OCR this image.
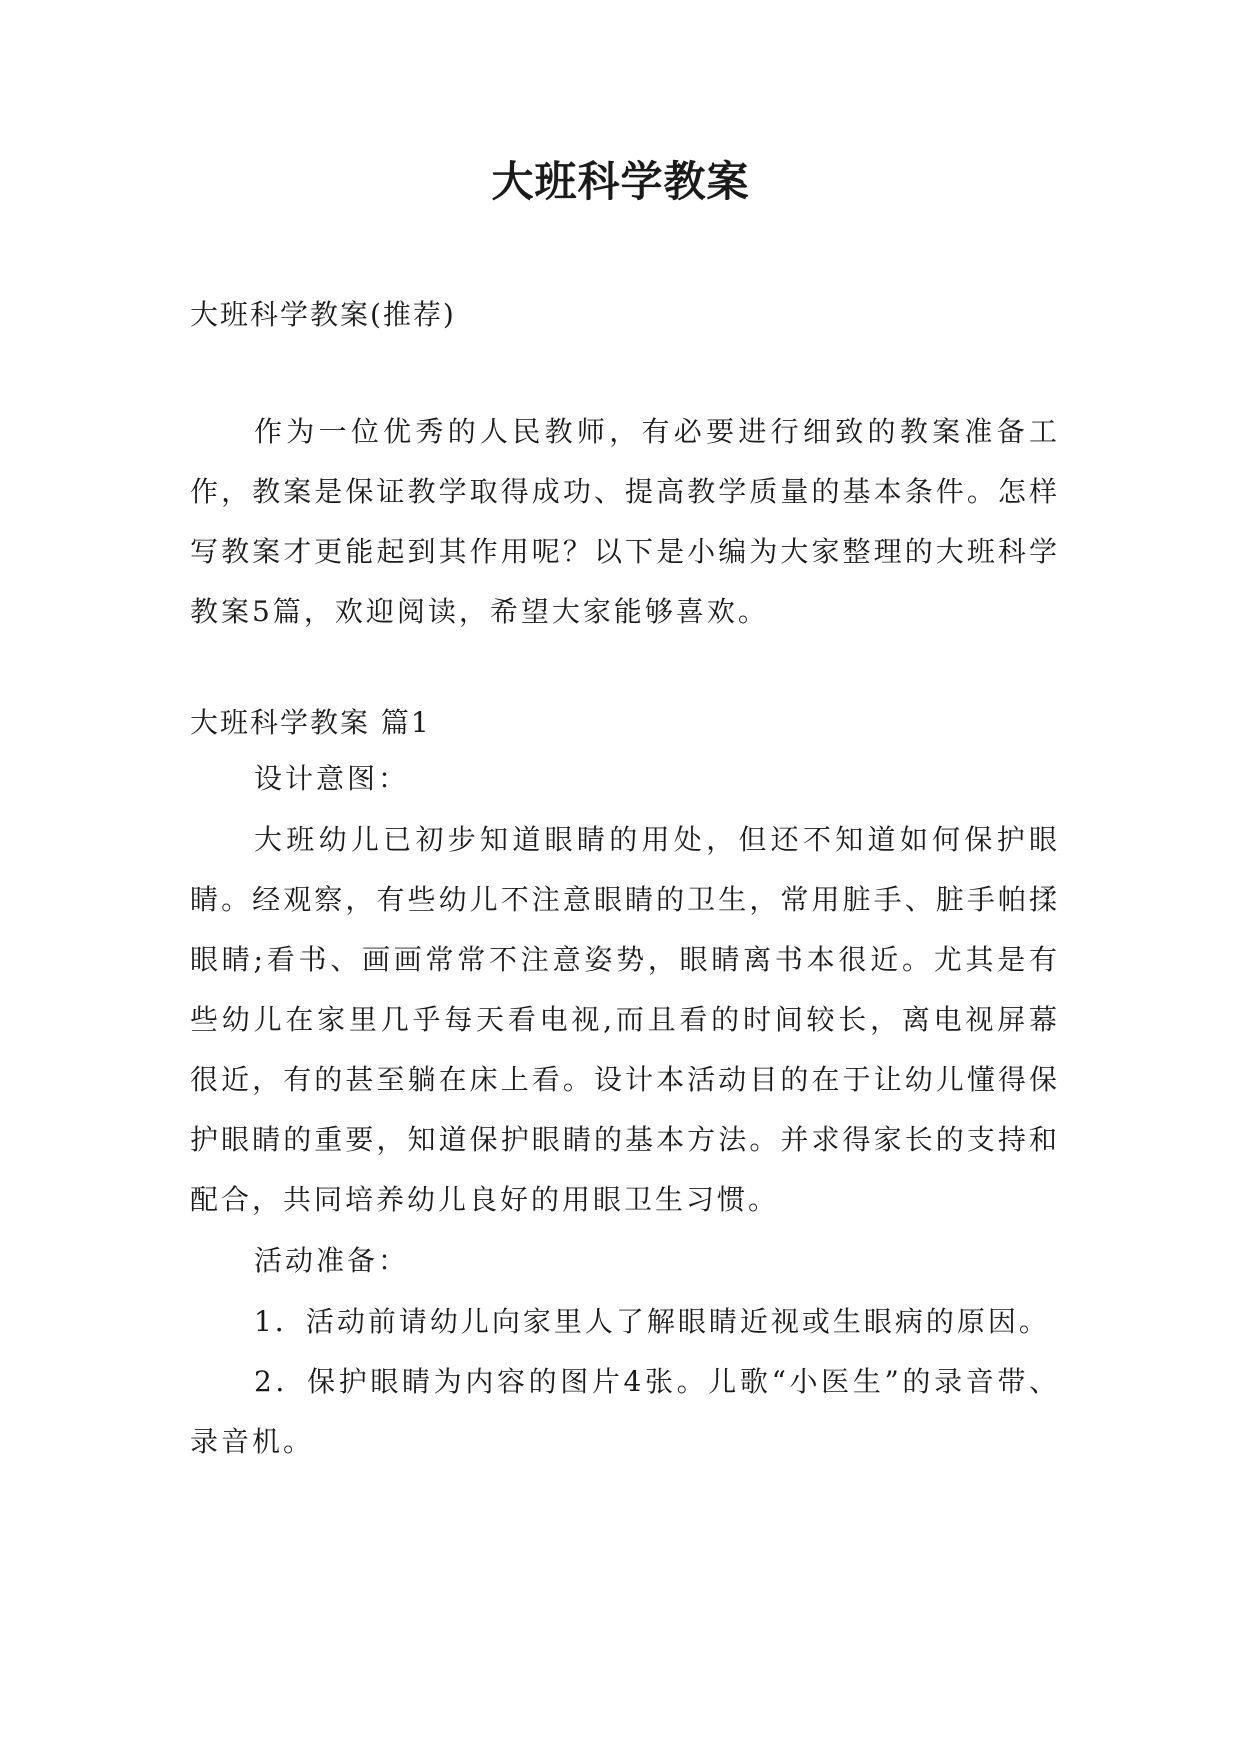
大班科学教案

大班科学教案(推荐)

作为一位优秀的人民教师，有必要进行细致的教案准备工作，教案是保证教学取得成功、提高教学质量的基本条件。怎样写教案才更能起到其作用呢？以下是小编为大家整理的大班科学教案5篇，欢迎阅读，希望大家能够喜欢。

大班科学教案 篇1

设计意图：

大班幼儿已初步知道眼睛的用处，但还不知道如何保护眼睛。经观察，有些幼儿不注意眼睛的卫生，常用脏手、脏手帕揉眼睛;看书、画画常常不注意姿势，眼睛离书本很近。尤其是有些幼儿在家里几乎每天看电视,而且看的时间较长，离电视屏幕很近，有的甚至躺在床上看。设计本活动目的在于让幼儿懂得保护眼睛的重要，知道保护眼睛的基本方法。并求得家长的支持和配合，共同培养幼儿良好的用眼卫生习惯。

活动准备：

1．活动前请幼儿向家里人了解眼睛近视或生眼病的原因。

2．保护眼睛为内容的图片4张。儿歌“小医生”的录音带、录音机。
